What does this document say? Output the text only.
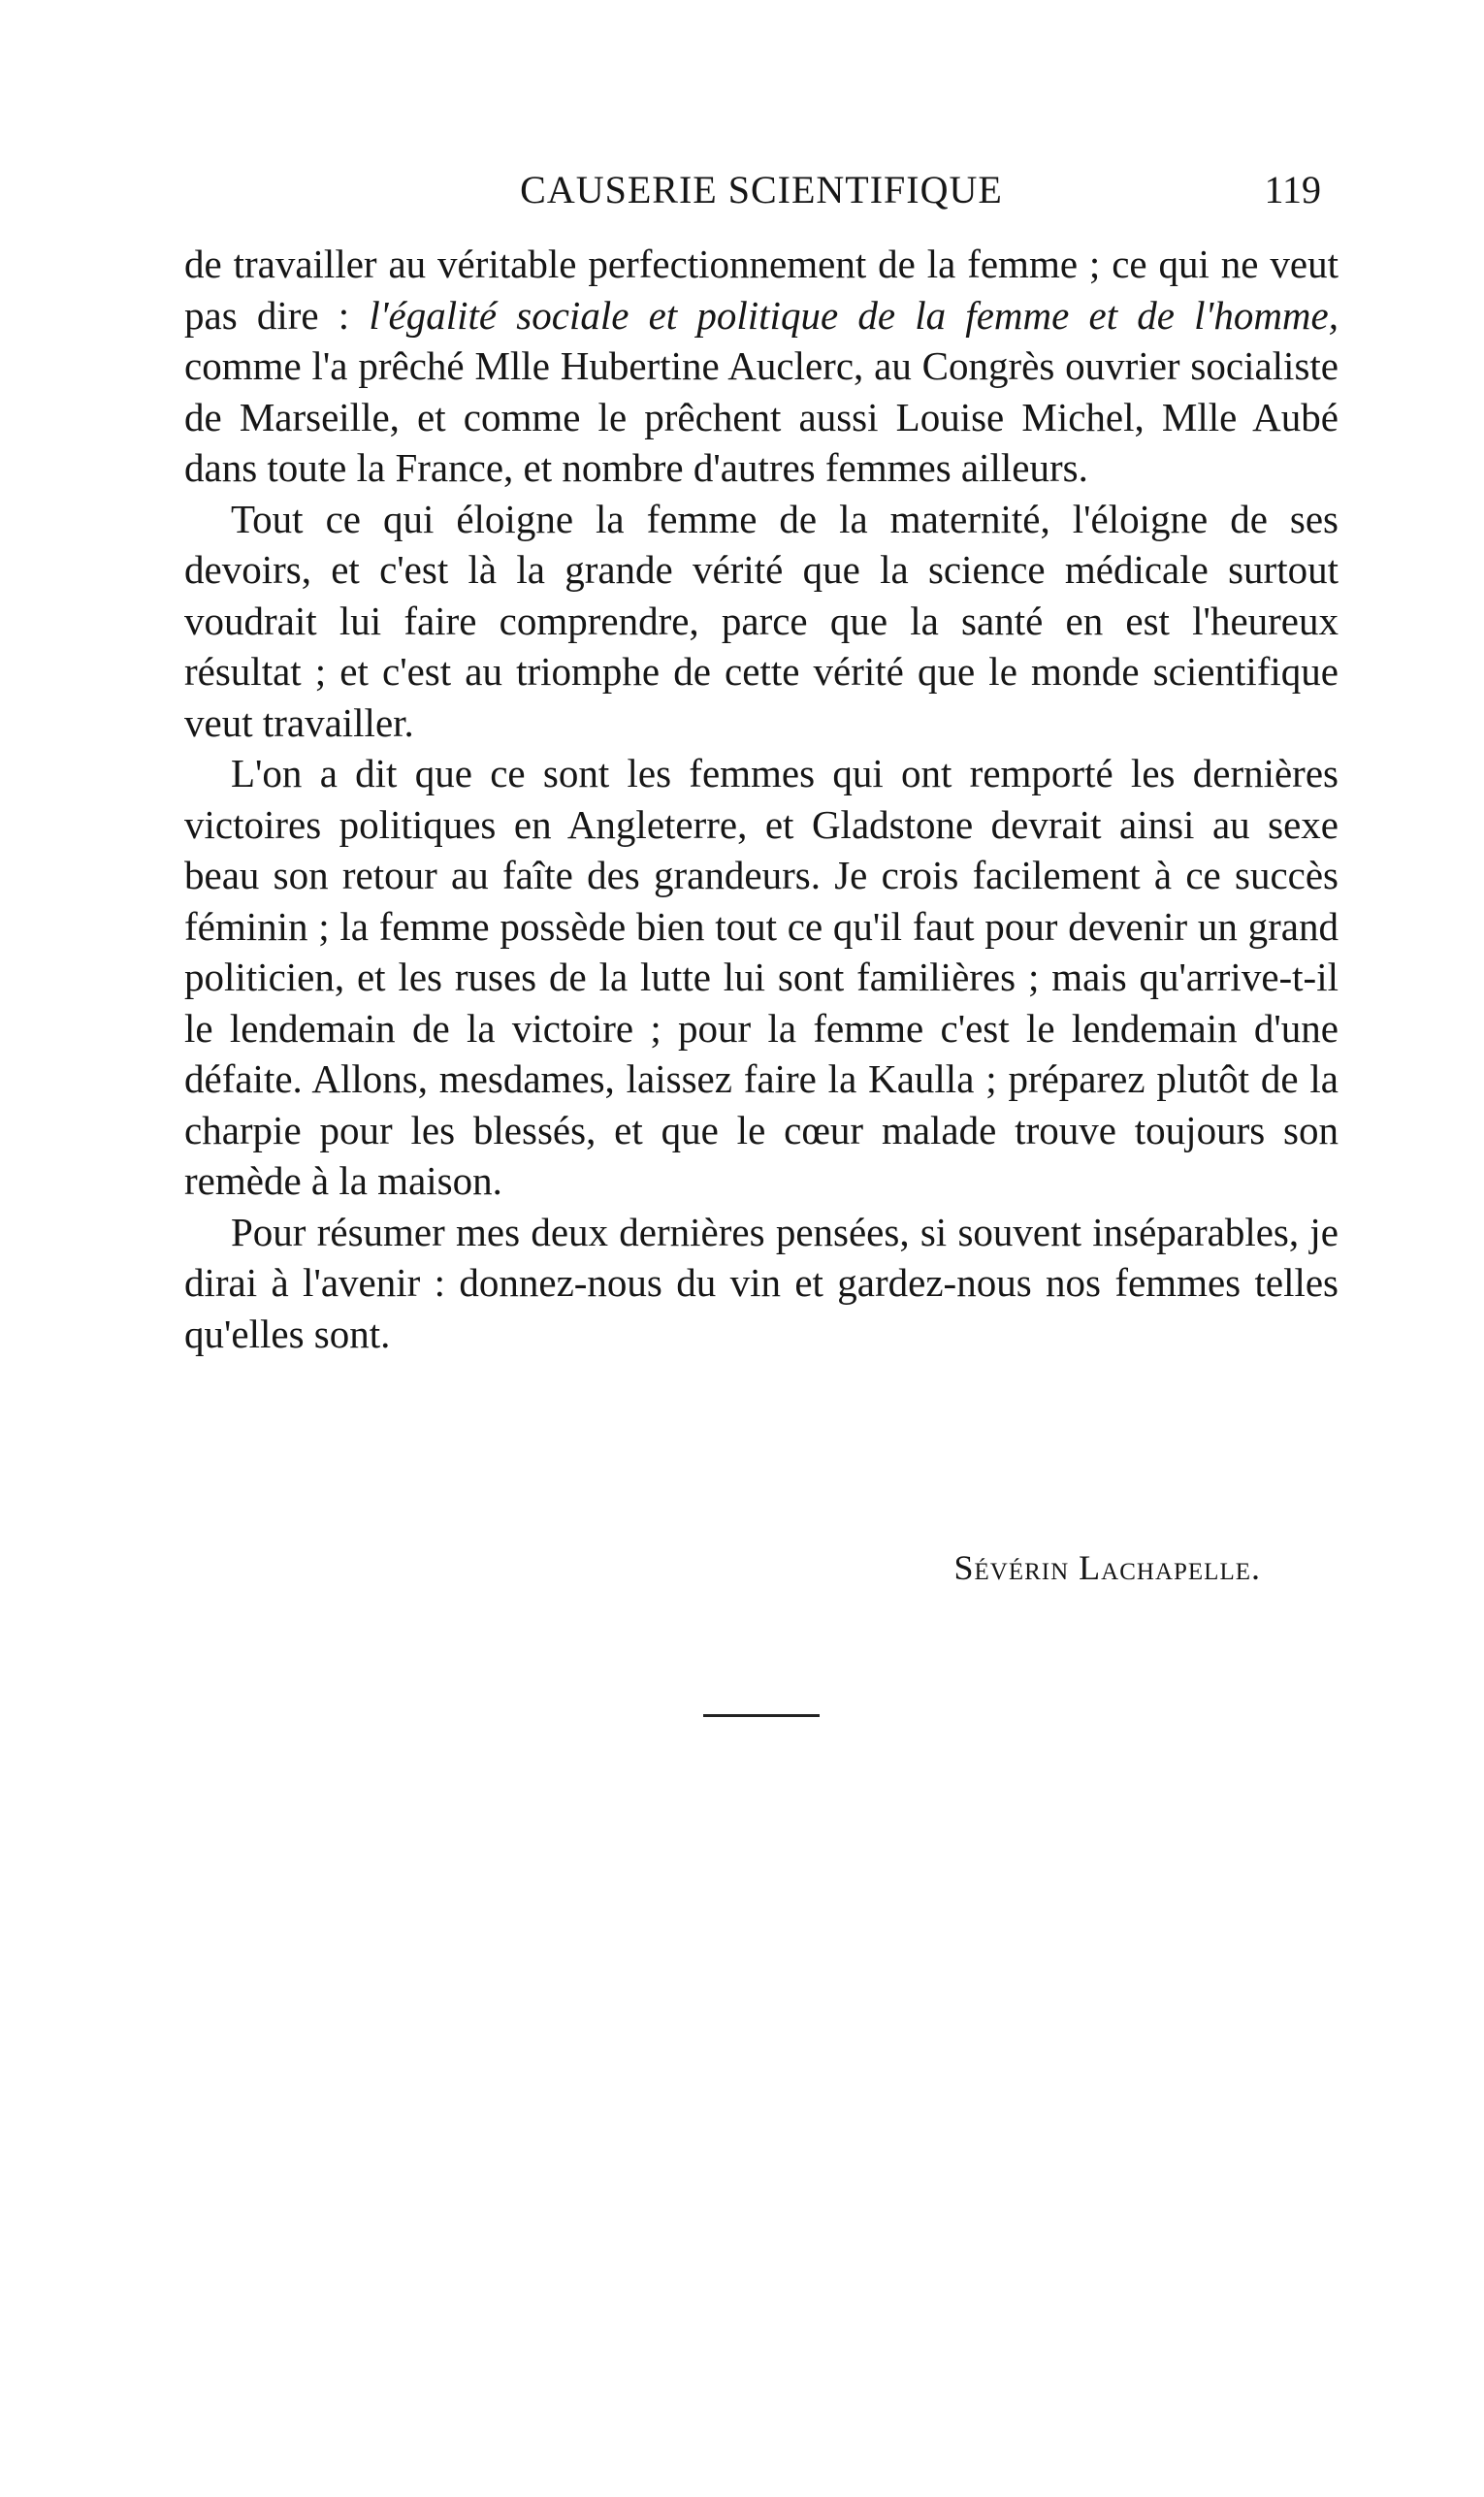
CAUSERIE SCIENTIFIQUE	119

de travailler au véritable perfectionnement de la femme ; ce qui ne veut pas dire : l'égalité sociale et politique de la femme et de l'homme, comme l'a prêché Mlle Hubertine Auclerc, au Congrès ouvrier socialiste de Marseille, et comme le prêchent aussi Louise Michel, Mlle Aubé dans toute la France, et nombre d'autres femmes ailleurs.

Tout ce qui éloigne la femme de la maternité, l'éloigne de ses devoirs, et c'est là la grande vérité que la science médicale surtout voudrait lui faire comprendre, parce que la santé en est l'heureux résultat ; et c'est au triomphe de cette vérité que le monde scientifique veut travailler.

L'on a dit que ce sont les femmes qui ont remporté les dernières victoires politiques en Angleterre, et Gladstone devrait ainsi au sexe beau son retour au faîte des grandeurs. Je crois facilement à ce succès féminin ; la femme possède bien tout ce qu'il faut pour devenir un grand politicien, et les ruses de la lutte lui sont familières ; mais qu'arrive-t-il le lendemain de la victoire ; pour la femme c'est le lendemain d'une défaite. Allons, mesdames, laissez faire la Kaulla ; préparez plutôt de la charpie pour les blessés, et que le cœur malade trouve toujours son remède à la maison.

Pour résumer mes deux dernières pensées, si souvent inséparables, je dirai à l'avenir : donnez-nous du vin et gardez-nous nos femmes telles qu'elles sont.

Sévérin Lachapelle.
